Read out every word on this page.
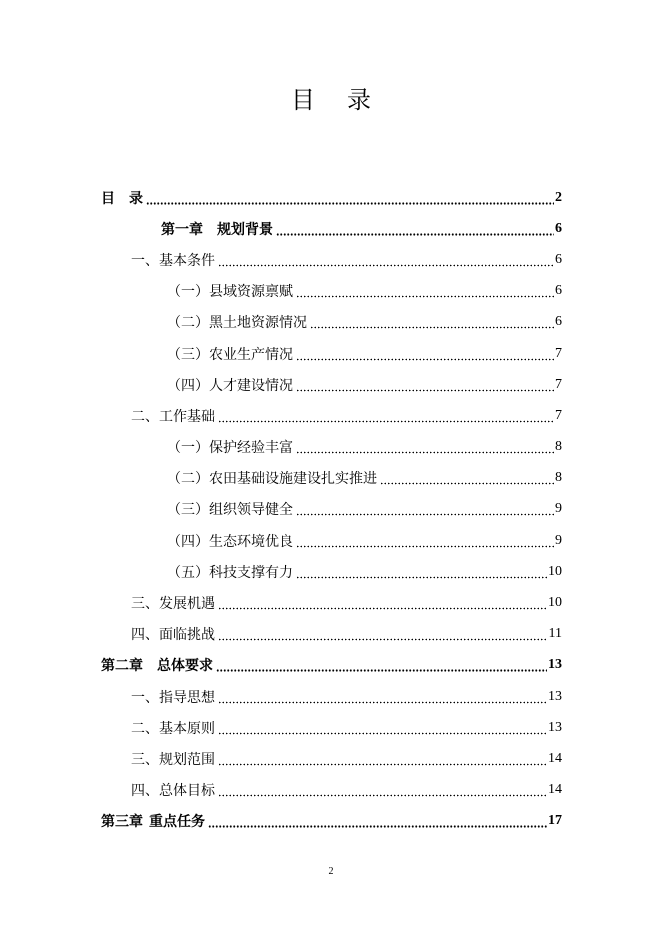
目 录
目 录	2
第一章 规划背景	6
一、基本条件	6
（一）县域资源禀赋	6
（二）黑土地资源情况	6
（三）农业生产情况	7
（四）人才建设情况	7
二、工作基础	7
（一）保护经验丰富	8
（二）农田基础设施建设扎实推进	8
（三）组织领导健全	9
（四）生态环境优良	9
（五）科技支撑有力	10
三、发展机遇	10
四、面临挑战	11
第二章 总体要求	13
一、指导思想	13
二、基本原则	13
三、规划范围	14
四、总体目标	14
第三章 重点任务	17
2
